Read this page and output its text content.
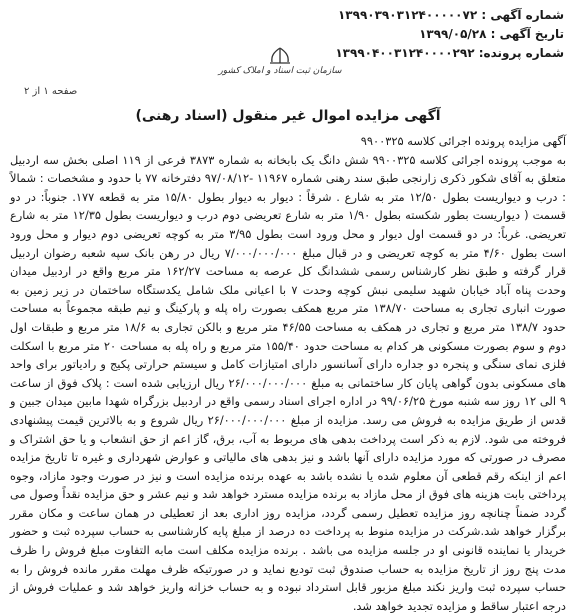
شماره آگهی : ۱۳۹۹۰۳۹۰۳۱۲۴۰۰۰۰۰۷۲
تاریخ آگهی : ۱۳۹۹/۰۵/۲۸
شماره پرونده: ۱۳۹۹۰۴۰۰۳۱۲۴۰۰۰۰۲۹۲
سازمان ثبت اسناد و املاک کشور
صفحه ۱ از ۲
آگهی مزایده اموال غیر منقول (اسناد رهنی)

آگهی مزایده پرونده اجرائی کلاسه ۹۹۰۰۳۲۵

به موجب پرونده اجرائی کلاسه ۹۹۰۰۳۲۵ شش دانگ یک بابخانه به شماره ۳۸۷۳ فرعی از ۱۱۹ اصلی بخش سه اردبیل متعلق به آقای شکور ذکری زارنجی طبق سند رهنی شماره ۱۱۹۶۷ -۹۷/۰۸/۱۲ دفترخانه ۷۷ با حدود و مشخصات : شمالاً : درب و دیواریست بطول ۱۲/۵۰ متر به شارع . شرقاً : دیوار به دیوار بطول ۱۵/۸۰ متر به قطعه ۱۷۷. جنوباً: در دو قسمت ( دیواریست بطور شکسته بطول ۱/۹۰ متر به شارع تعریضی دوم درب و دیواریست بطول ۱۲/۳۵ متر به شارع تعریضی. غرباً: در دو قسمت اول دیوار و محل ورود است بطول ۳/۹۵ متر به کوچه تعریضی دوم دیوار و محل ورود است بطول ۴/۶۰ متر به کوچه تعریضی و در قبال مبلغ ۷/۰۰۰/۰۰۰/۰۰۰ ریال در رهن بانک سپه شعبه رضوان اردبیل قرار گرفته و طبق نظر کارشناس رسمی ششدانگ کل عرصه به مساحت ۱۶۲/۲۷ متر مربع واقع در اردبیل میدان وحدت پناه آباد خیابان شهید سلیمی نبش کوچه وحدت ۷ با اعیانی ملک شامل یکدستگاه ساختمان در زیر زمین به صورت انباری تجاری به مساحت ۱۳۸/۷۰ متر مربع همکف بصورت راه پله و پارکینگ و نیم طبقه مجموعاً به مساحت حدود ۱۳۸/۷ متر مربع و تجاری در همکف به مساحت ۴۶/۵۵ متر مربع و بالکن تجاری به ۱۸/۶ متر مربع و طبقات اول دوم و سوم بصورت مسکونی هر کدام به مساحت حدود ۱۵۵/۴۰ متر مربع و راه پله به مساحت ۲۰ متر مربع با اسکلت فلزی نمای سنگی و پنجره دو جداره دارای آسانسور دارای امتیازات کامل و سیستم حرارتی پکیج و رادیاتور برای واحد های مسکونی بدون گواهی پایان کار ساختمانی به مبلغ ۲۶/۰۰۰/۰۰۰/۰۰۰ ریال ارزیابی شده است : پلاک فوق از ساعت ۹ الی ۱۲ روز سه شنبه مورخ ۹۹/۰۶/۲۵ در اداره اجرای اسناد رسمی واقع در اردبیل بزرگراه شهدا مابین میدان جبین و قدس از طریق مزایده به فروش می رسد. مزایده از مبلغ ۲۶/۰۰۰/۰۰۰/۰۰۰ ریال شروع و به بالاترین قیمت پیشنهادی فروخته می شود. لازم به ذکر است پرداخت بدهی های مربوط به آب، برق، گاز اعم از حق انشعاب و یا حق اشتراک و مصرف در صورتی که مورد مزایده دارای آنها باشد و نیز بدهی های مالیاتی و عوارض شهرداری و غیره تا تاریخ مزایده اعم از اینکه رقم قطعی آن معلوم شده یا نشده باشد به عهده برنده مزایده است و نیز در صورت وجود مازاد، وجوه پرداختی بابت هزینه های فوق از محل مازاد به برنده مزایده مسترد خواهد شد و نیم عشر و حق مزایده نقداً وصول می گردد ضمناً چنانچه روز مزایده تعطیل رسمی گردد، مزایده روز اداری بعد از تعطیلی در همان ساعت و مکان مقرر برگزار خواهد شد.شرکت در مزایده منوط به پرداخت ده درصد از مبلغ پایه کارشناسی به حساب سپرده ثبت و حضور خریدار یا نماینده قانونی او در جلسه مزایده می باشد . برنده مزایده مکلف است مابه التفاوت مبلغ فروش را ظرف مدت پنج روز از تاریخ مزایده به حساب صندوق ثبت تودیع نماید و در صورتیکه ظرف مهلت مقرر مانده فروش را به حساب سپرده ثبت واریز نکند مبلغ مزبور قابل استرداد نبوده و به حساب خزانه واریز خواهد شد و عملیات فروش از درجه اعتبار ساقط و مزایده تجدید خواهد شد.
